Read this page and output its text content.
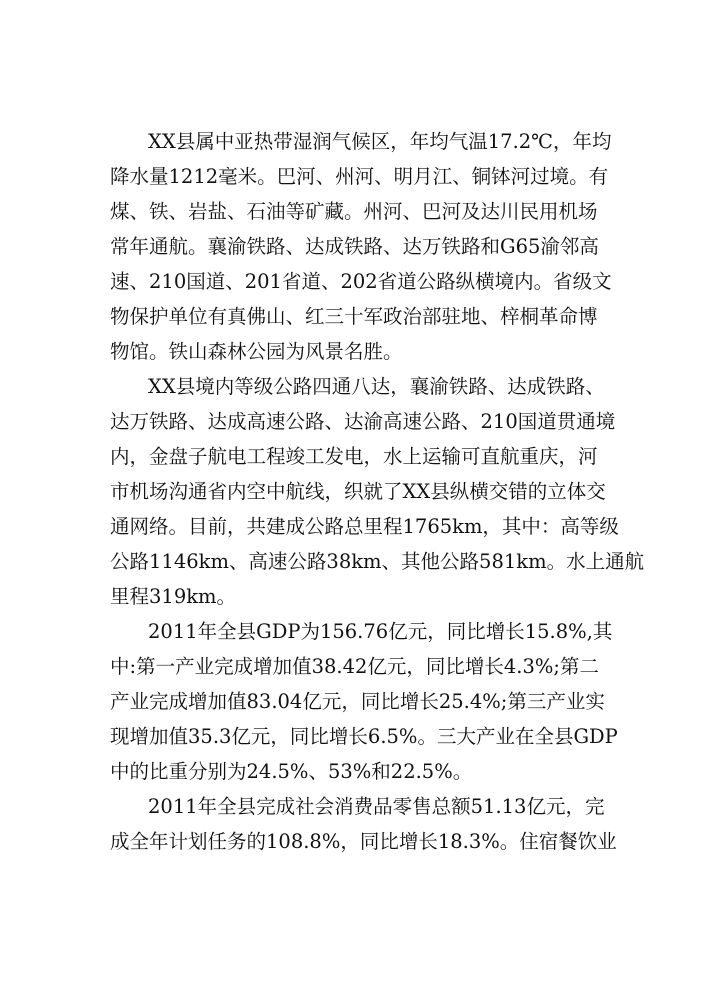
XX县属中亚热带湿润气候区，年均气温17.2℃，年均
降水量1212毫米。巴河、州河、明月江、铜钵河过境。有
煤、铁、岩盐、石油等矿藏。州河、巴河及达川民用机场
常年通航。襄渝铁路、达成铁路、达万铁路和G65渝邻高
速、210国道、201省道、202省道公路纵横境内。省级文
物保护单位有真佛山、红三十军政治部驻地、梓桐革命博
物馆。铁山森林公园为风景名胜。
XX县境内等级公路四通八达，襄渝铁路、达成铁路、
达万铁路、达成高速公路、达渝高速公路、210国道贯通境
内，金盘子航电工程竣工发电，水上运输可直航重庆，河
市机场沟通省内空中航线，织就了XX县纵横交错的立体交
通网络。目前，共建成公路总里程1765km，其中：高等级
公路1146km、高速公路38km、其他公路581km。水上通航
里程319km。
2011年全县GDP为156.76亿元，同比增长15.8%,其
中:第一产业完成增加值38.42亿元，同比增长4.3%;第二
产业完成增加值83.04亿元，同比增长25.4%;第三产业实
现增加值35.3亿元，同比增长6.5%。三大产业在全县GDP
中的比重分别为24.5%、53%和22.5%。
2011年全县完成社会消费品零售总额51.13亿元，完
成全年计划任务的108.8%，同比增长18.3%。住宿餐饮业
